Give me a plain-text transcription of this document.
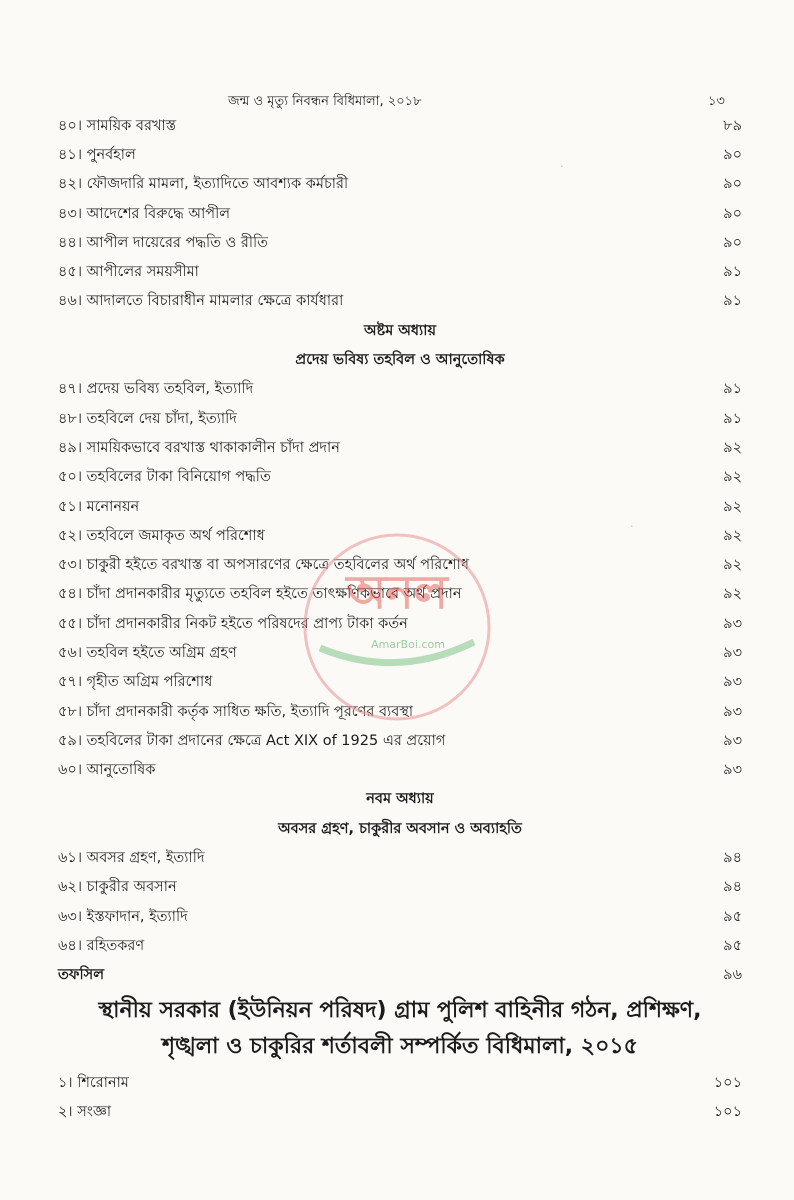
·
·
জন্ম ও মৃত্যু নিবন্ধন বিধিমালা, ২০১৮	১৩
৪০। সাময়িক বরখাস্ত	৮৯
৪১। পুনর্বহাল	৯০
৪২। ফৌজদারি মামলা, ইত্যাদিতে আবশ্যক কর্মচারী	৯০
৪৩। আদেশের বিরুদ্ধে আপীল	৯০
৪৪। আপীল দায়েরের পদ্ধতি ও রীতি	৯০
৪৫। আপীলের সময়সীমা	৯১
৪৬। আদালতে বিচারাধীন মামলার ক্ষেত্রে কার্যধারা	৯১
অষ্টম অধ্যায়
প্রদেয় ভবিষ্য তহবিল ও আনুতোষিক
৪৭। প্রদেয় ভবিষ্য তহবিল, ইত্যাদি	৯১
৪৮। তহবিলে দেয় চাঁদা, ইত্যাদি	৯১
৪৯। সাময়িকভাবে বরখাস্ত থাকাকালীন চাঁদা প্রদান	৯২
৫০। তহবিলের টাকা বিনিয়োগ পদ্ধতি	৯২
৫১। মনোনয়ন	৯২
৫২। তহবিলে জমাকৃত অর্থ পরিশোধ	৯২
৫৩। চাকুরী হইতে বরখাস্ত বা অপসারণের ক্ষেত্রে তহবিলের অর্থ পরিশোধ	৯২
৫৪। চাঁদা প্রদানকারীর মৃত্যুতে তহবিল হইতে তাৎক্ষণিকভাবে অর্থ প্রদান	৯২
৫৫। চাঁদা প্রদানকারীর নিকট হইতে পরিষদের প্রাপ্য টাকা কর্তন	৯৩
৫৬। তহবিল হইতে অগ্রিম গ্রহণ	৯৩
৫৭। গৃহীত অগ্রিম পরিশোধ	৯৩
৫৮। চাঁদা প্রদানকারী কর্তৃক সাধিত ক্ষতি, ইত্যাদি পূরণের ব্যবস্থা	৯৩
৫৯। তহবিলের টাকা প্রদানের ক্ষেত্রে Act XIX of 1925 এর প্রয়োগ	৯৩
৬০। আনুতোষিক	৯৩
নবম অধ্যায়
অবসর গ্রহণ, চাকুরীর অবসান ও অব্যাহতি
৬১। অবসর গ্রহণ, ইত্যাদি	৯৪
৬২। চাকুরীর অবসান	৯৪
৬৩। ইস্তফাদান, ইত্যাদি	৯৫
৬৪। রহিতকরণ	৯৫
তফসিল	৯৬
স্থানীয় সরকার (ইউনিয়ন পরিষদ) গ্রাম পুলিশ বাহিনীর গঠন, প্রশিক্ষণ,
শৃঙ্খলা ও চাকুরির শর্তাবলী সম্পর্কিত বিধিমালা, ২০১৫
১। শিরোনাম	১০১
২। সংজ্ঞা	১০১
অনল
AmarBoi.com
